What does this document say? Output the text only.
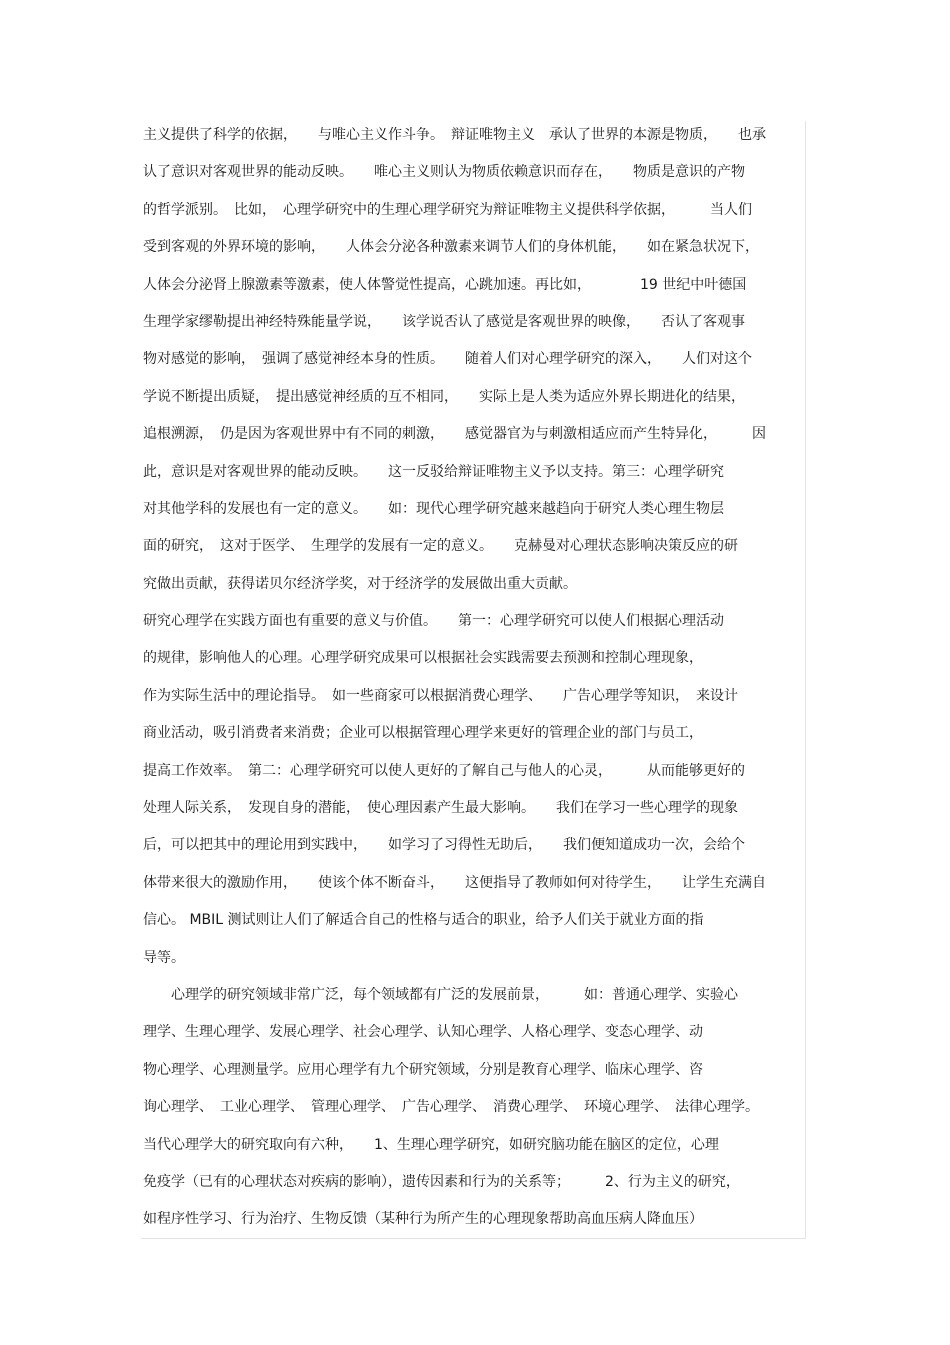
主义提供了科学的依据，　　与唯心主义作斗争。　辩证唯物主义　承认了世界的本源是物质，　　也承
认了意识对客观世界的能动反映。　　唯心主义则认为物质依赖意识而存在，　　物质是意识的产物
的哲学派别。　比如，　心理学研究中的生理心理学研究为辩证唯物主义提供科学依据，　　　当人们
受到客观的外界环境的影响，　　人体会分泌各种激素来调节人们的身体机能，　　如在紧急状况下，
人体会分泌肾上腺激素等激素，使人体警觉性提高，心跳加速。再比如，　　　　19 世纪中叶德国
生理学家缪勒提出神经特殊能量学说，　　该学说否认了感觉是客观世界的映像，　　否认了客观事
物对感觉的影响，　强调了感觉神经本身的性质。　　随着人们对心理学研究的深入，　　人们对这个
学说不断提出质疑，　提出感觉神经质的互不相同，　　实际上是人类为适应外界长期进化的结果，
追根溯源，　仍是因为客观世界中有不同的刺激，　　感觉器官为与刺激相适应而产生特异化，　　　因
此，意识是对客观世界的能动反映。　　这一反驳给辩证唯物主义予以支持。第三：心理学研究
对其他学科的发展也有一定的意义。　　如：现代心理学研究越来越趋向于研究人类心理生物层
面的研究，　这对于医学、　生理学的发展有一定的意义。　　克赫曼对心理状态影响决策反应的研
究做出贡献，获得诺贝尔经济学奖，对于经济学的发展做出重大贡献。
研究心理学在实践方面也有重要的意义与价值。　　第一：心理学研究可以使人们根据心理活动
的规律，影响他人的心理。心理学研究成果可以根据社会实践需要去预测和控制心理现象，
作为实际生活中的理论指导。　如一些商家可以根据消费心理学、　　广告心理学等知识，　来设计
商业活动，吸引消费者来消费；企业可以根据管理心理学来更好的管理企业的部门与员工，
提高工作效率。　第二：心理学研究可以使人更好的了解自己与他人的心灵，　　　从而能够更好的
处理人际关系，　发现自身的潜能，　使心理因素产生最大影响。　　我们在学习一些心理学的现象
后，可以把其中的理论用到实践中，　　如学习了习得性无助后，　　我们便知道成功一次，会给个
体带来很大的激励作用，　　使该个体不断奋斗，　　这便指导了教师如何对待学生，　　让学生充满自
信心。 MBIL 测试则让人们了解适合自己的性格与适合的职业，给予人们关于就业方面的指
导等。
　　心理学的研究领域非常广泛，每个领域都有广泛的发展前景，　　　如：普通心理学、实验心
理学、生理心理学、发展心理学、社会心理学、认知心理学、人格心理学、变态心理学、动
物心理学、心理测量学。应用心理学有九个研究领域，分别是教育心理学、临床心理学、咨
询心理学、　工业心理学、　管理心理学、　广告心理学、　消费心理学、　环境心理学、　法律心理学。
当代心理学大的研究取向有六种，　　1、生理心理学研究，如研究脑功能在脑区的定位，心理
免疫学（已有的心理状态对疾病的影响），遗传因素和行为的关系等；　　　2、行为主义的研究，
如程序性学习、行为治疗、生物反馈（某种行为所产生的心理现象帮助高血压病人降血压）
